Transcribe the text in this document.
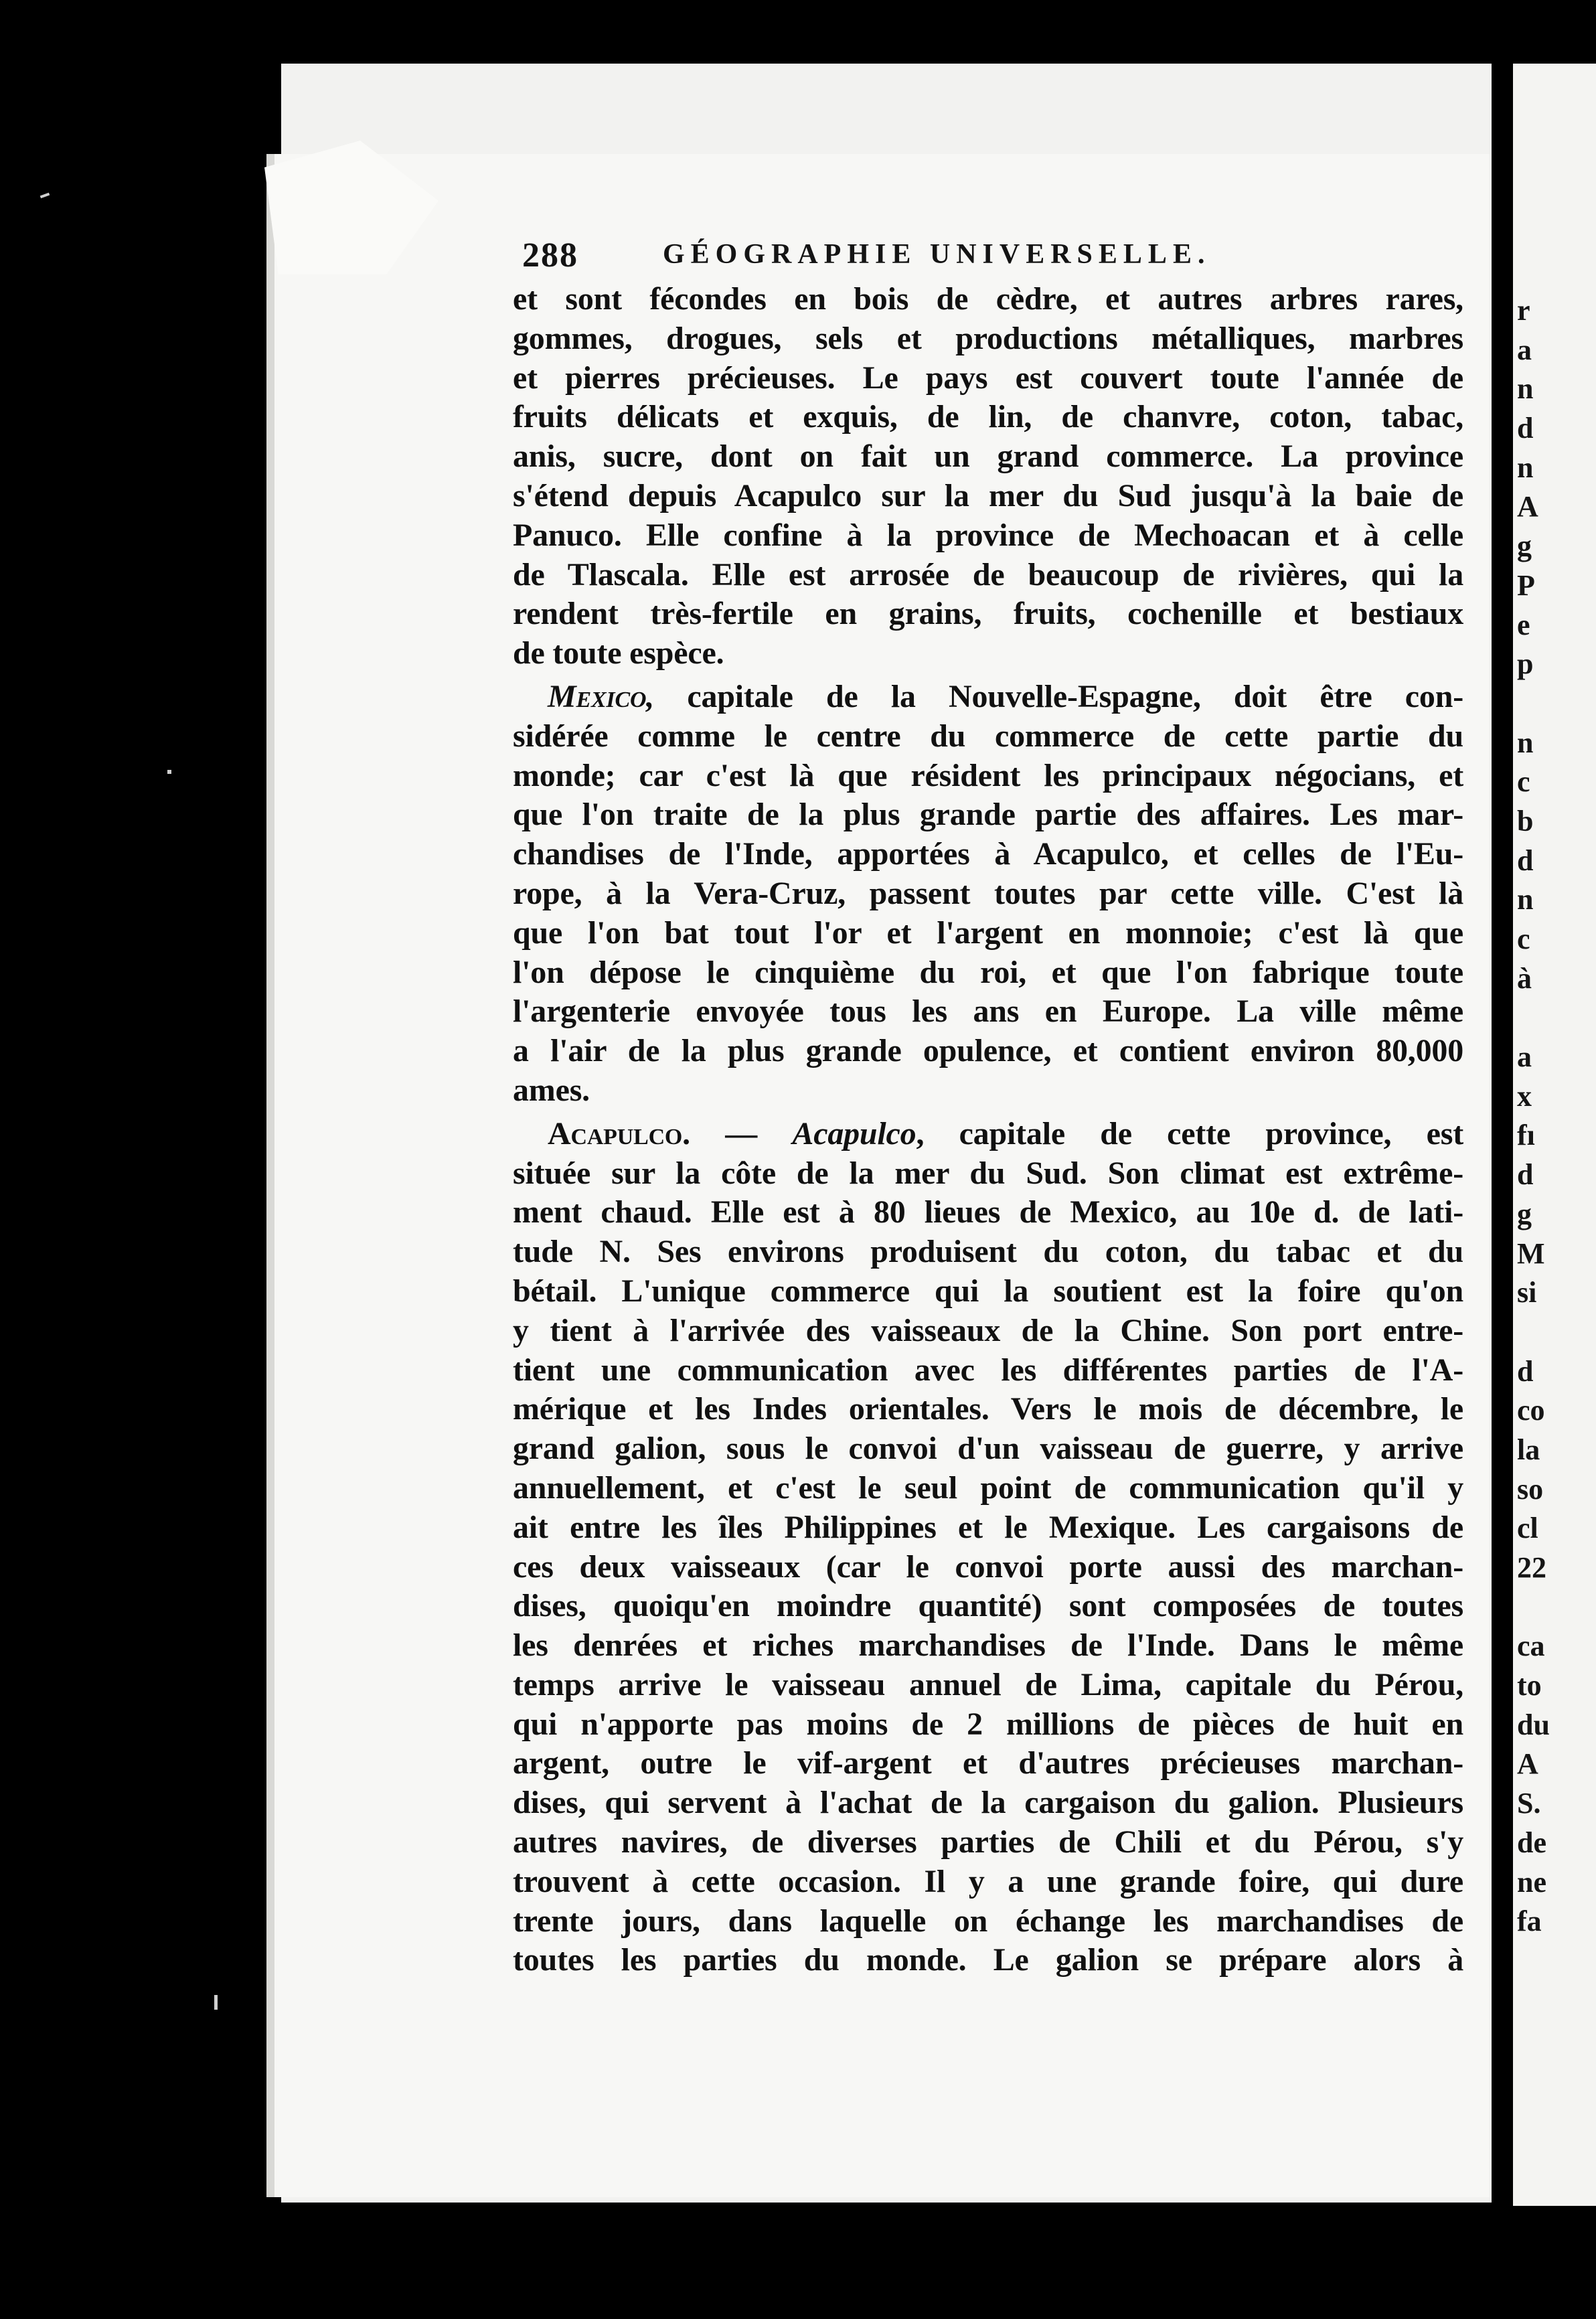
288	GÉOGRAPHIE UNIVERSELLE.
et sont fécondes en bois de cèdre, et autres arbres rares,
gommes, drogues, sels et productions métalliques, marbres
et pierres précieuses. Le pays est couvert toute l'année de
fruits délicats et exquis, de lin, de chanvre, coton, tabac,
anis, sucre, dont on fait un grand commerce. La province
s'étend depuis Acapulco sur la mer du Sud jusqu'à la baie de
Panuco. Elle confine à la province de Mechoacan et à celle
de Tlascala. Elle est arrosée de beaucoup de rivières, qui la
rendent très-fertile en grains, fruits, cochenille et bestiaux
de toute espèce.
Mexico, capitale de la Nouvelle-Espagne, doit être con-
sidérée comme le centre du commerce de cette partie du
monde; car c'est là que résident les principaux négocians, et
que l'on traite de la plus grande partie des affaires. Les mar-
chandises de l'Inde, apportées à Acapulco, et celles de l'Eu-
rope, à la Vera-Cruz, passent toutes par cette ville. C'est là
que l'on bat tout l'or et l'argent en monnoie; c'est là que
l'on dépose le cinquième du roi, et que l'on fabrique toute
l'argenterie envoyée tous les ans en Europe. La ville même
a l'air de la plus grande opulence, et contient environ 80,000
ames.
Acapulco. — Acapulco, capitale de cette province, est
située sur la côte de la mer du Sud. Son climat est extrême-
ment chaud. Elle est à 80 lieues de Mexico, au 10e d. de lati-
tude N. Ses environs produisent du coton, du tabac et du
bétail. L'unique commerce qui la soutient est la foire qu'on
y tient à l'arrivée des vaisseaux de la Chine. Son port entre-
tient une communication avec les différentes parties de l'A-
mérique et les Indes orientales. Vers le mois de décembre, le
grand galion, sous le convoi d'un vaisseau de guerre, y arrive
annuellement, et c'est le seul point de communication qu'il y
ait entre les îles Philippines et le Mexique. Les cargaisons de
ces deux vaisseaux (car le convoi porte aussi des marchan-
dises, quoiqu'en moindre quantité) sont composées de toutes
les denrées et riches marchandises de l'Inde. Dans le même
temps arrive le vaisseau annuel de Lima, capitale du Pérou,
qui n'apporte pas moins de 2 millions de pièces de huit en
argent, outre le vif-argent et d'autres précieuses marchan-
dises, qui servent à l'achat de la cargaison du galion. Plusieurs
autres navires, de diverses parties de Chili et du Pérou, s'y
trouvent à cette occasion. Il y a une grande foire, qui dure
trente jours, dans laquelle on échange les marchandises de
toutes les parties du monde. Le galion se prépare alors à
r
a
n
d
n
A
g
P
e
p
n
c
b
d
n
c
à
a
x
fı
d
g
M
si
d
co
la
so
cl
22
ca
to
du
A
S.
de
ne
fa
